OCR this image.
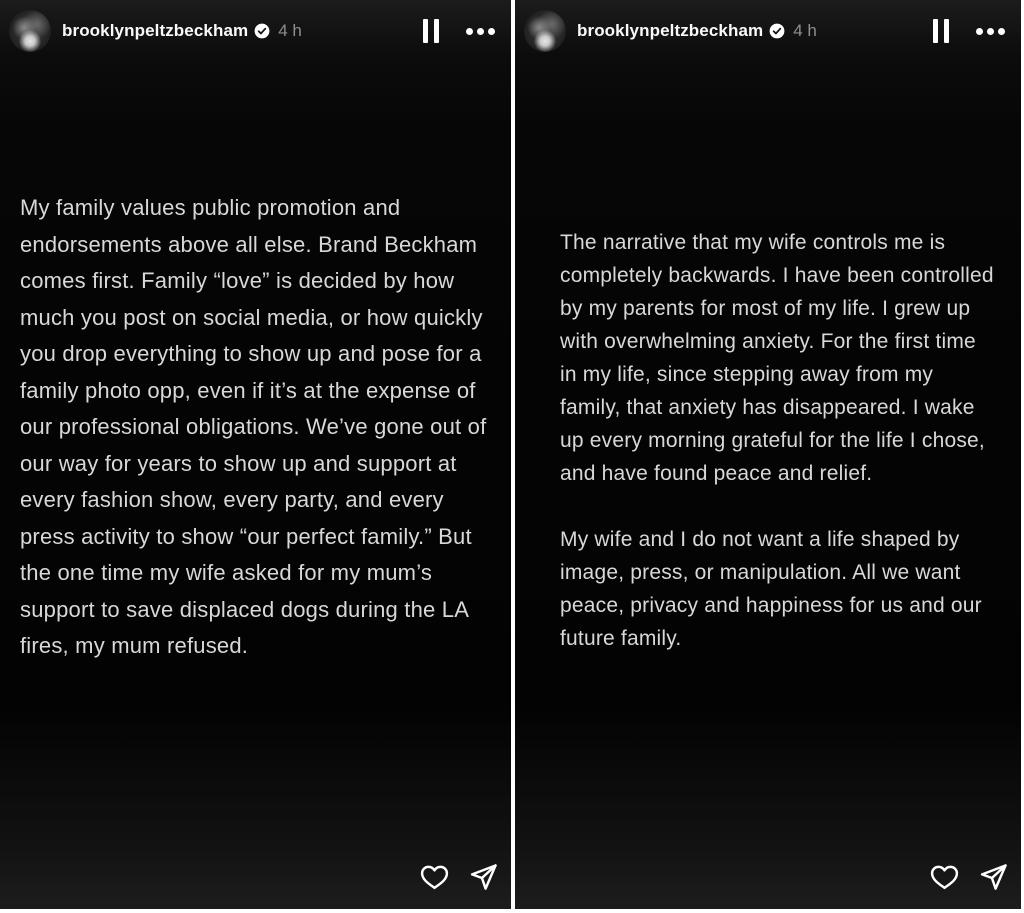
brooklynpeltzbeckham 4 h

My family values public promotion and endorsements above all else. Brand Beckham comes first. Family “love” is decided by how much you post on social media, or how quickly you drop everything to show up and pose for a family photo opp, even if it’s at the expense of our professional obligations. We’ve gone out of our way for years to show up and support at every fashion show, every party, and every press activity to show “our perfect family.” But the one time my wife asked for my mum’s support to save displaced dogs during the LA fires, my mum refused.

brooklynpeltzbeckham 4 h

The narrative that my wife controls me is completely backwards. I have been controlled by my parents for most of my life. I grew up with overwhelming anxiety. For the first time in my life, since stepping away from my family, that anxiety has disappeared. I wake up every morning grateful for the life I chose, and have found peace and relief.

My wife and I do not want a life shaped by image, press, or manipulation. All we want peace, privacy and happiness for us and our future family.
